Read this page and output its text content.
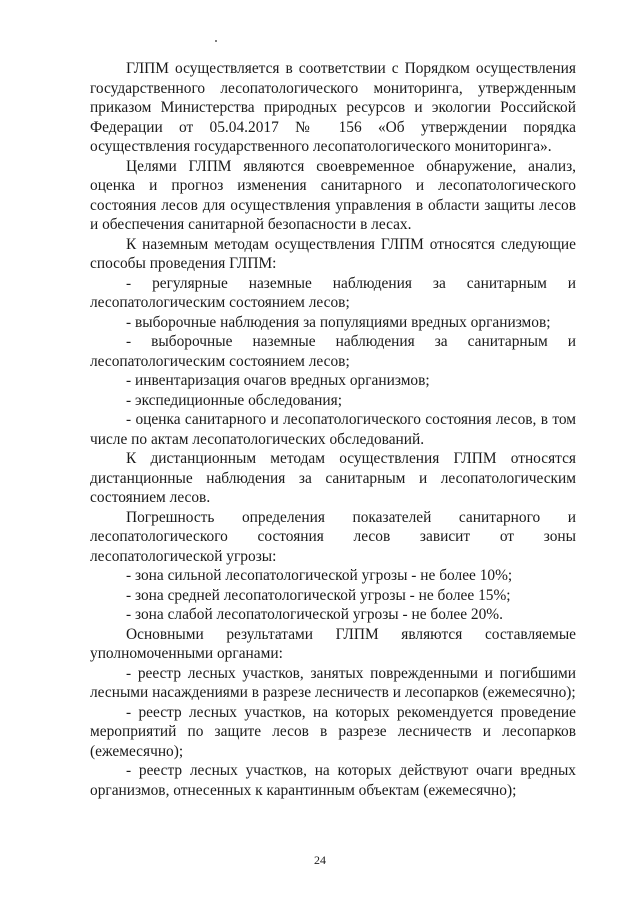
ГЛПМ осуществляется в соответствии с Порядком осуществления государственного лесопатологического мониторинга, утвержденным приказом Министерства природных ресурсов и экологии Российской Федерации от 05.04.2017 № 156 «Об утверждении порядка осуществления государственного лесопатологического мониторинга».

Целями ГЛПМ являются своевременное обнаружение, анализ, оценка и прогноз изменения санитарного и лесопатологического состояния лесов для осуществления управления в области защиты лесов и обеспечения санитарной безопасности в лесах.

К наземным методам осуществления ГЛПМ относятся следующие способы проведения ГЛПМ:

- регулярные наземные наблюдения за санитарным и лесопатологическим состоянием лесов;

- выборочные наблюдения за популяциями вредных организмов;

- выборочные наземные наблюдения за санитарным и лесопатологическим состоянием лесов;

- инвентаризация очагов вредных организмов;

- экспедиционные обследования;

- оценка санитарного и лесопатологического состояния лесов, в том числе по актам лесопатологических обследований.

К дистанционным методам осуществления ГЛПМ относятся дистанционные наблюдения за санитарным и лесопатологическим состоянием лесов.

Погрешность определения показателей санитарного и лесопатологического состояния лесов зависит от зоны лесопатологической угрозы:

- зона сильной лесопатологической угрозы - не более 10%;

- зона средней лесопатологической угрозы - не более 15%;

- зона слабой лесопатологической угрозы - не более 20%.

Основными результатами ГЛПМ являются составляемые уполномоченными органами:

- реестр лесных участков, занятых поврежденными и погибшими лесными насаждениями в разрезе лесничеств и лесопарков (ежемесячно);

- реестр лесных участков, на которых рекомендуется проведение мероприятий по защите лесов в разрезе лесничеств и лесопарков (ежемесячно);

- реестр лесных участков, на которых действуют очаги вредных организмов, отнесенных к карантинным объектам (ежемесячно);

24
